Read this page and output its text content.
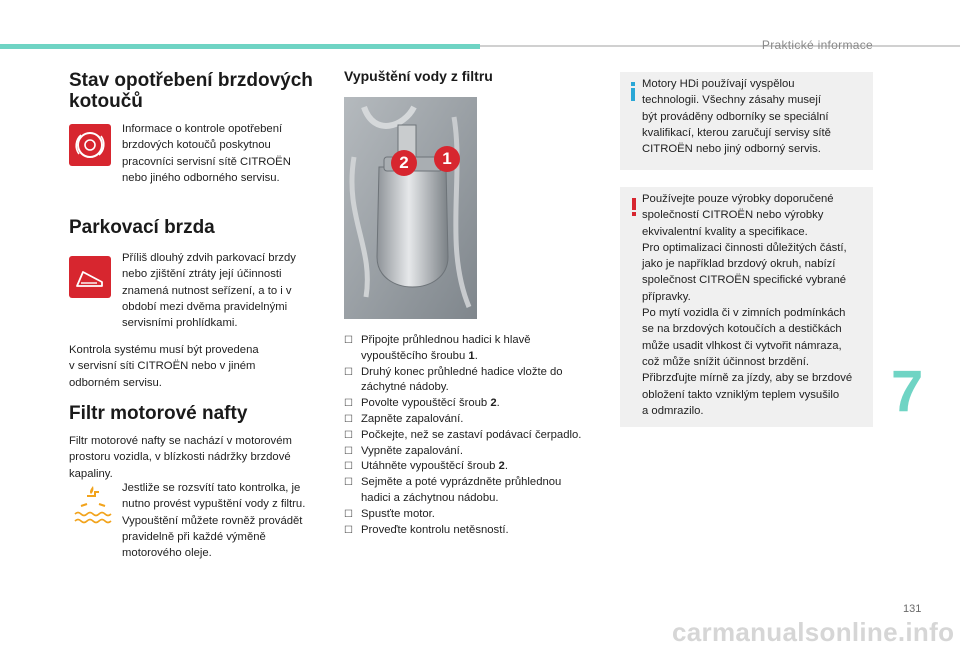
Praktické informace
Stav opotřebení brzdových
kotoučů
Informace o kontrole opotřebení
brzdových kotoučů poskytnou
pracovníci servisní sítě CITROËN
nebo jiného odborného servisu.
Parkovací brzda
Příliš dlouhý zdvih parkovací brzdy
nebo zjištění ztráty její účinnosti
znamená nutnost seřízení, a to i v
období mezi dvěma pravidelnými
servisními prohlídkami.
Kontrola systému musí být provedena
v servisní síti CITROËN nebo v jiném
odborném servisu.
Filtr motorové nafty
Filtr motorové nafty se nachází v motorovém
prostoru vozidla, v blízkosti nádržky brzdové
kapaliny.
Jestliže se rozsvítí tato kontrolka, je
nutno provést vypuštění vody z filtru.
Vypouštění můžete rovněž provádět
pravidelně při každé výměně
motorového oleje.
Vypuštění vody z filtru
2	1
☐ Připojte průhlednou hadici k hlavě
vypouštěcího šroubu 1.
☐ Druhý konec průhledné hadice vložte do
záchytné nádoby.
☐ Povolte vypouštěcí šroub 2.
☐ Zapněte zapalování.
☐ Počkejte, než se zastaví podávací čerpadlo.
☐ Vypněte zapalování.
☐ Utáhněte vypouštěcí šroub 2.
☐ Sejměte a poté vyprázdněte průhlednou
hadici a záchytnou nádobu.
☐ Spusťte motor.
☐ Proveďte kontrolu netěsností.
Motory HDi používají vyspělou
technologii. Všechny zásahy musejí
být prováděny odborníky se speciální
kvalifikací, kterou zaručují servisy sítě
CITROËN nebo jiný odborný servis.
Používejte pouze výrobky doporučené
společností CITROËN nebo výrobky
ekvivalentní kvality a specifikace.
Pro optimalizaci činnosti důležitých částí,
jako je například brzdový okruh, nabízí
společnost CITROËN specifické vybrané
přípravky.
Po mytí vozidla či v zimních podmínkách
se na brzdových kotoučích a destičkách
může usadit vlhkost či vytvořit námraza,
což může snížit účinnost brzdění.
Přibrzďujte mírně za jízdy, aby se brzdové
obložení takto vzniklým teplem vysušilo
a odmrazilo.	7
131
carmanualsonline.info
